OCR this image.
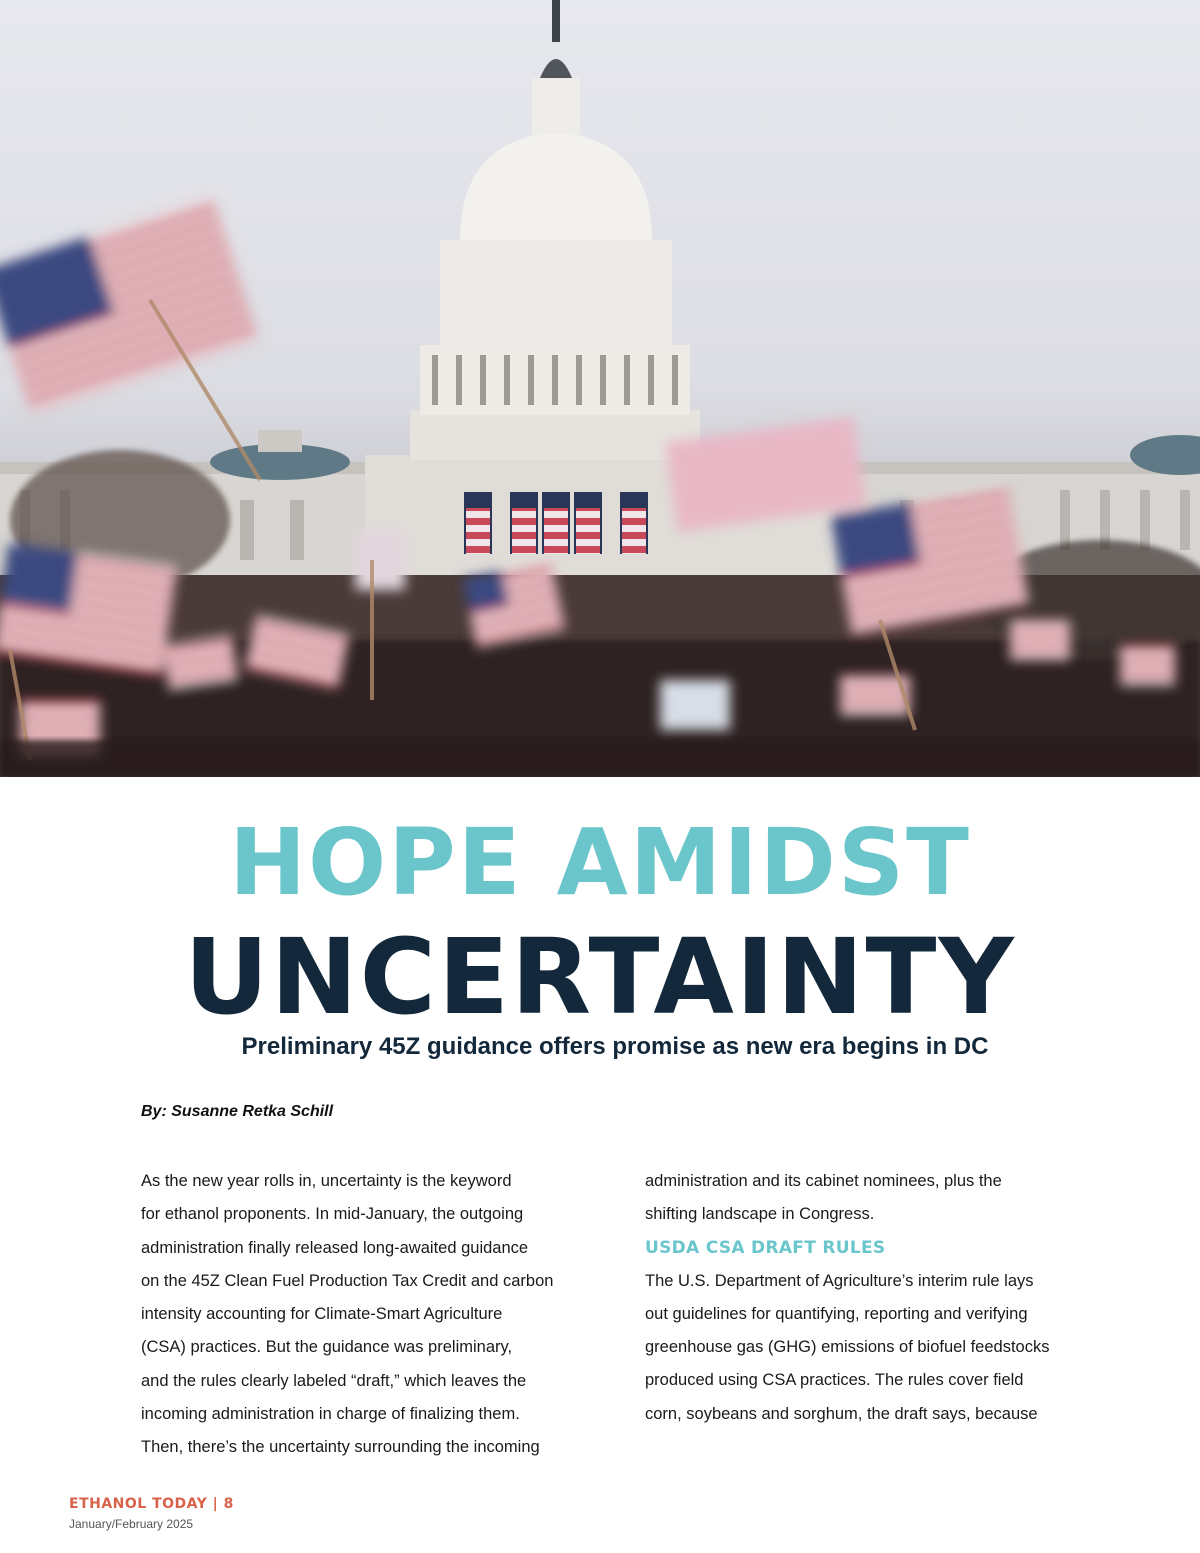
HOPE AMIDST
UNCERTAINTY
Preliminary 45Z guidance offers promise as new era begins in DC
By: Susanne Retka Schill

As the new year rolls in, uncertainty is the keyword

for ethanol proponents. In mid-January, the outgoing

administration finally released long-awaited guidance

on the 45Z Clean Fuel Production Tax Credit and carbon

intensity accounting for Climate-Smart Agriculture

(CSA) practices. But the guidance was preliminary,

and the rules clearly labeled “draft,” which leaves the

incoming administration in charge of finalizing them.

Then, there’s the uncertainty surrounding the incoming

administration and its cabinet nominees, plus the

shifting landscape in Congress.

USDA CSA DRAFT RULES

The U.S. Department of Agriculture’s interim rule lays

out guidelines for quantifying, reporting and verifying

greenhouse gas (GHG) emissions of biofuel feedstocks

produced using CSA practices. The rules cover field

corn, soybeans and sorghum, the draft says, because

ETHANOL TODAY | 8
January/February 2025
